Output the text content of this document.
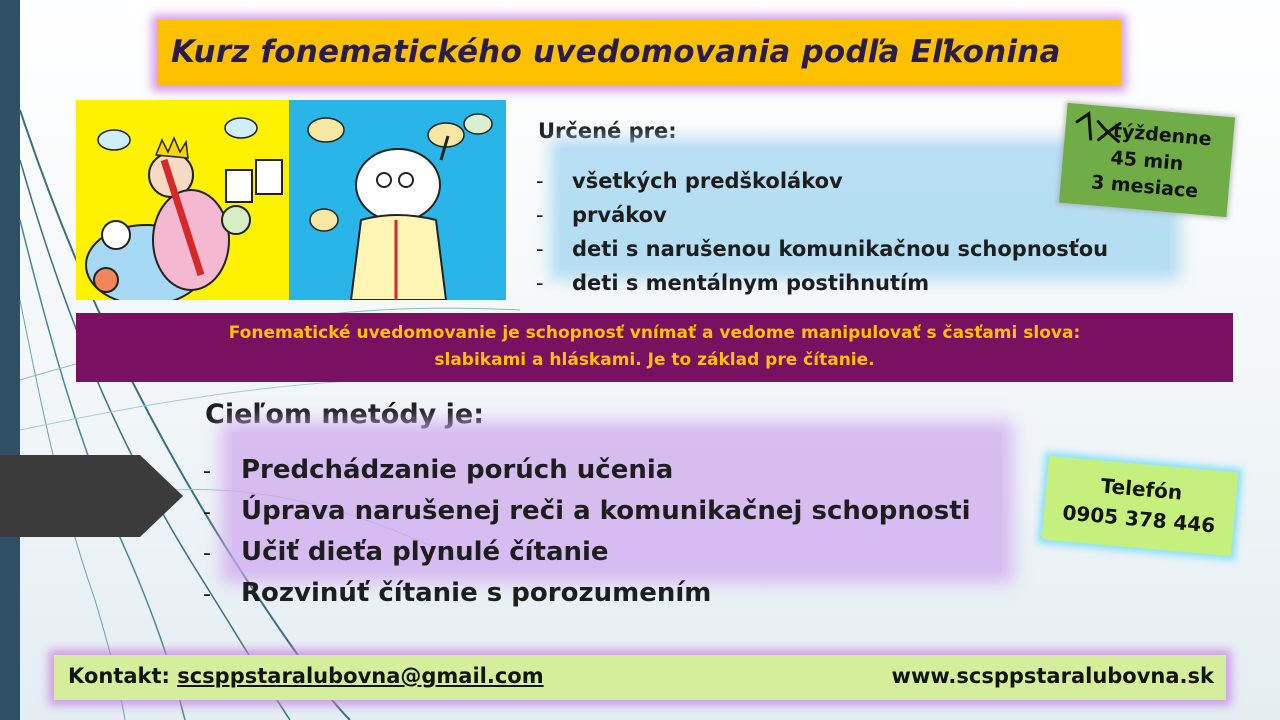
Kurz fonematického uvedomovania podľa Eľkonina
Určené pre:
- všetkých predškolákov
- prvákov
- deti s narušenou komunikačnou schopnosťou
- deti s mentálnym postihnutím
týždenne
45 min
3 mesiace
Fonematické uvedomovanie je schopnosť vnímať a vedome manipulovať s časťami slova:
slabikami a hláskami. Je to základ pre čítanie.
Cieľom metódy je:
- Predchádzanie porúch učenia
- Úprava narušenej reči a komunikačnej schopnosti
- Učiť dieťa plynulé čítanie
- Rozvinúť čítanie s porozumením
Telefón
0905 378 446
Kontakt: scsppstaralubovna@gmail.com	www.scsppstaralubovna.sk
